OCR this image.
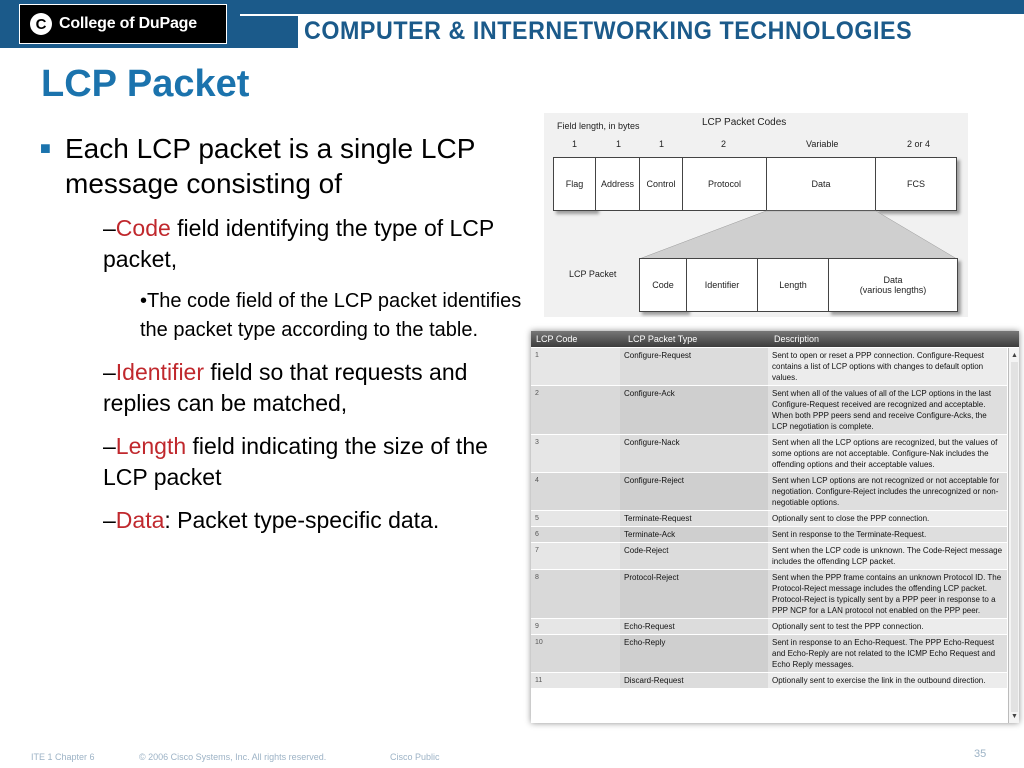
C College of DuPage	COMPUTER & INTERNETWORKING TECHNOLOGIES
LCP Packet
■ Each LCP packet is a single LCP message consisting of
–Code field identifying the type of LCP packet,
•The code field of the LCP packet identifies the packet type according to the table.
–Identifier field so that requests and replies can be matched,
–Length field indicating the size of the LCP packet
–Data: Packet type-specific data.
Field length, in bytes	LCP Packet Codes
1	1	1	2	Variable	2 or 4
Flag	Address	Control	Protocol	Data	FCS
LCP Packet
Code	Identifier	Length	Data
(various lengths)
LCP Code	LCP Packet Type	Description
1	Configure-Request	Sent to open or reset a PPP connection. Configure-Request contains a list of LCP options with changes to default option values.
2	Configure-Ack	Sent when all of the values of all of the LCP options in the last Configure-Request received are recognized and acceptable. When both PPP peers send and receive Configure-Acks, the LCP negotiation is complete.
3	Configure-Nack	Sent when all the LCP options are recognized, but the values of some options are not acceptable. Configure-Nak includes the offending options and their acceptable values.
4	Configure-Reject	Sent when LCP options are not recognized or not acceptable for negotiation. Configure-Reject includes the unrecognized or non-negotiable options.
5	Terminate-Request	Optionally sent to close the PPP connection.
6	Terminate-Ack	Sent in response to the Terminate-Request.
7	Code-Reject	Sent when the LCP code is unknown. The Code-Reject message includes the offending LCP packet.
8	Protocol-Reject	Sent when the PPP frame contains an unknown Protocol ID. The Protocol-Reject message includes the offending LCP packet. Protocol-Reject is typically sent by a PPP peer in response to a PPP NCP for a LAN protocol not enabled on the PPP peer.
9	Echo-Request	Optionally sent to test the PPP connection.
10	Echo-Reply	Sent in response to an Echo-Request. The PPP Echo-Request and Echo-Reply are not related to the ICMP Echo Request and Echo Reply messages.
11	Discard-Request	Optionally sent to exercise the link in the outbound direction.
▲
▼
ITE 1 Chapter 6	© 2006 Cisco Systems, Inc. All rights reserved.	Cisco Public	35
